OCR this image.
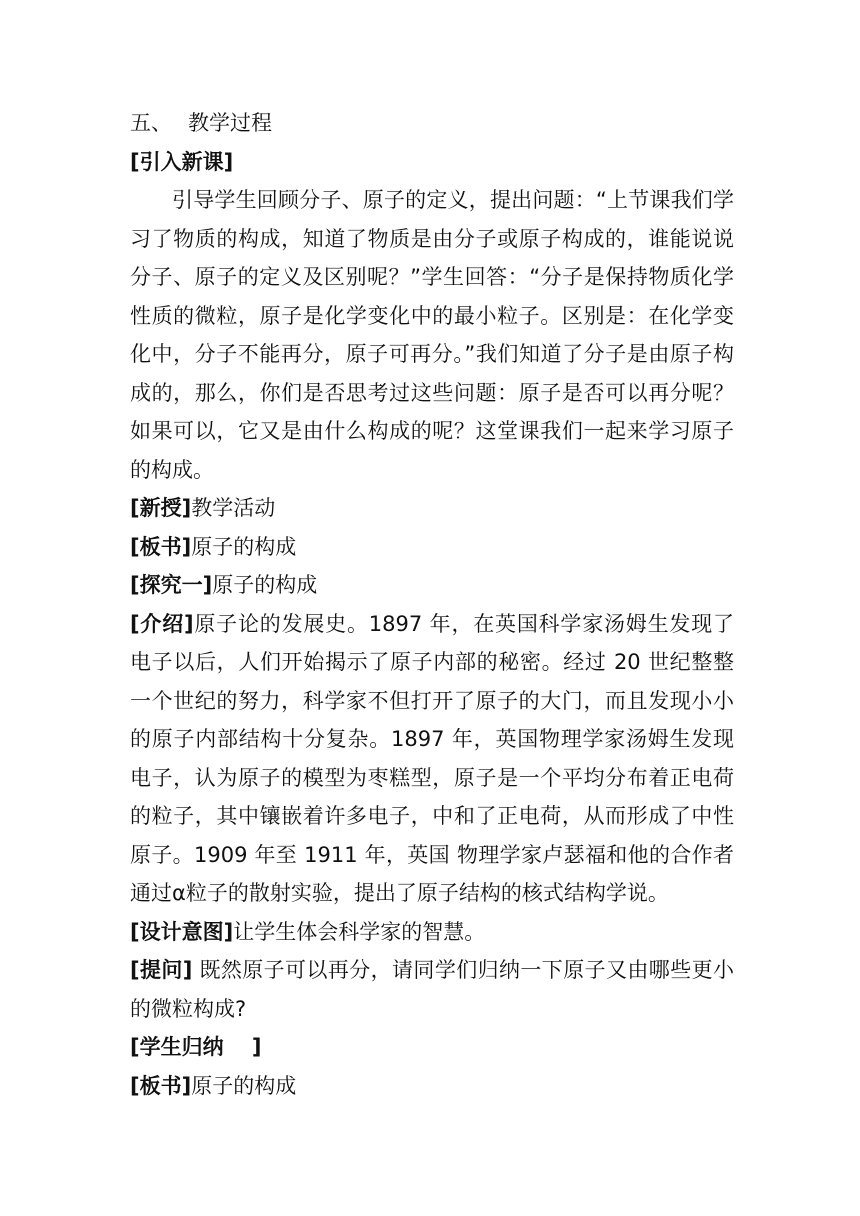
五、 教学过程
[引入新课]
引导学生回顾分子、原子的定义，提出问题：“上节课我们学习了物质的构成，知道了物质是由分子或原子构成的，谁能说说分子、原子的定义及区别呢？”学生回答：“分子是保持物质化学性质的微粒，原子是化学变化中的最小粒子。区别是：在化学变化中，分子不能再分，原子可再分。”我们知道了分子是由原子构成的，那么，你们是否思考过这些问题：原子是否可以再分呢？如果可以，它又是由什么构成的呢？这堂课我们一起来学习原子的构成。
[新授]教学活动
[板书]原子的构成
[探究一]原子的构成
[介绍]原子论的发展史。1897 年，在英国科学家汤姆生发现了电子以后，人们开始揭示了原子内部的秘密。经过 20 世纪整整一个世纪的努力，科学家不但打开了原子的大门，而且发现小小的原子内部结构十分复杂。1897 年，英国物理学家汤姆生发现电子，认为原子的模型为枣糕型，原子是一个平均分布着正电荷的粒子，其中镶嵌着许多电子，中和了正电荷，从而形成了中性原子。1909 年至 1911 年，英国 物理学家卢瑟福和他的合作者通过α粒子的散射实验，提出了原子结构的核式结构学说。
[设计意图]让学生体会科学家的智慧。
[提问] 既然原子可以再分，请同学们归纳一下原子又由哪些更小的微粒构成?
[学生归纳　 ]
[板书]原子的构成
